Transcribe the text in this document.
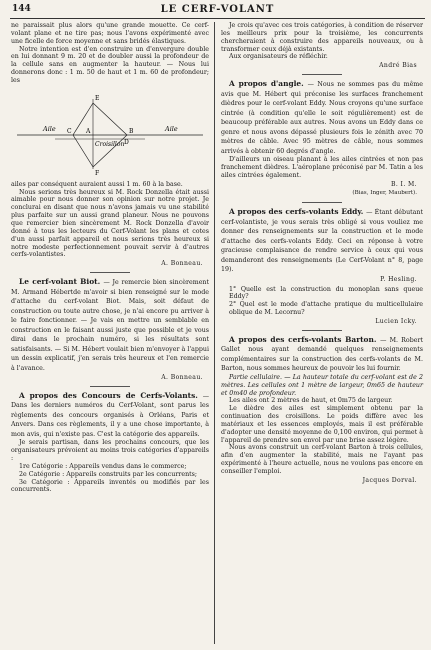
144	LE CERF-VOLANT

ne paraissait plus alors qu'une grande mouette. Ce cerf-volant plane et ne tire pas; nous l'avons expérimenté avec une ficelle de force moyenne et sans bridés élastiques.

Notre intention est d'en construire un d'envergure double en lui donnant 9 m. 20 et de doubler aussi la profondeur de la cellule sans en augmenter la hauteur. — Nous lui donnerons donc : 1 m. 50 de haut et 1 m. 60 de profondeur; les

Aile	Aile
Croisillon
A	B
C
D
E
F

ailes par conséquent auraient aussi 1 m. 60 à la base.

Nous serions très heureux si M. Rock Donzella était aussi aimable pour nous donner son opinion sur notre projet. Je conclurai en disant que nous n'avons jamais vu une stabilité plus parfaite sur un aussi grand planeur. Nous ne pouvons que remercier bien sincèrement M. Rock Donzella d'avoir donné à tous les lecteurs du Cerf-Volant les plans et cotes d'un aussi parfait appareil et nous serions très heureux si notre modeste perfectionnement pouvait servir à d'autres cerfs-volantistes.

A. Bonneau.
Le cerf-volant Biot. — Je remercie bien sincèrement M. Armand Hébertde m'avoir si bien renseigné sur le mode d'attache du cerf-volant Biot. Mais, soit défaut de construction ou toute autre chose, je n'ai encore pu arriver à le faire fonctionner. — Je vais en mettre un semblable en construction en le faisant aussi juste que possible et je vous dirai dans le prochain numéro, si les résultats sont satisfaisants. — Si M. Hébert voulait bien m'envoyer à l'appui un dessin explicatif, j'en serais très heureux et l'en remercie à l'avance.
A. Bonneau.
A propos des Concours de Cerfs-Volants. — Dans les derniers numéros du Cerf-Volant, sont parus les règlements des concours organisés à Orléans, Paris et Anvers. Dans ces règlements, il y a une chose importante, à mon avis, qui n'existe pas. C'est la catégorie des appareils.

Je serais partisan, dans les prochains concours, que les organisateurs prévoient au moins trois catégories d'appareils :

1re Catégorie : Appareils vendus dans le commerce;

2e Catégorie : Appareils construits par les concurrents;

3e Catégorie : Appareils inventés ou modifiés par les concurrents.

Je crois qu'avec ces trois catégories, à condition de réserver les meilleurs prix pour la troisième, les concurrents chercheraient à construire des appareils nouveaux, ou à transformer ceux déjà existants.

Aux organisateurs de réfléchir.

André Bias
A propos d'angle. — Nous ne sommes pas du même avis que M. Hébert qui préconise les surfaces franchement dièdres pour le cerf-volant Eddy. Nous croyons qu'une surface cintrée (à condition qu'elle le soit régulièrement) est de beaucoup préférable aux autres. Nous avons un Eddy dans ce genre et nous avons dépassé plusieurs fois le zénith avec 70 mètres de câble. Avec 95 mètres de câble, nous sommes arrivés à obtenir 60 degrés d'angle.

D'ailleurs un oiseau planant à les ailes cintrées et non pas franchement dièdres. L'aéroplane préconisé par M. Tatin a les ailes cintrées également.

B. I. M.
(Bias, Inger, Maubert).
A propos des cerfs-volants Eddy. — Étant débutant cerf-volantiste, je vous serais très obligé si vous vouliez me donner des renseignements sur la construction et le mode d'attache des cerfs-volants Eddy. Ceci en réponse à votre gracieuse complaisance de rendre service à ceux qui vous demanderont des renseignements (Le Cerf-Volant n° 8, page 19).
P. Hesling.

1° Quelle est la construction du monoplan sans queue Eddy?

2° Quel est le mode d'attache pratique du multicellulaire oblique de M. Lecornu?

Lucien Icky.
A propos des cerfs-volants Barton. — M. Robert Gallet nous ayant demandé quelques renseignements complémentaires sur la construction des cerfs-volants de M. Barton, nous sommes heureux de pouvoir les lui fournir.

Partie cellulaire. — La hauteur totale du cerf-volant est de 2 mètres. Les cellules ont 1 mètre de largeur, 0m65 de hauteur et 0m40 de profondeur.

Les ailes ont 2 mètres de haut, et 0m75 de largeur.

Le dièdre des ailes est simplement obtenu par la continuation des croisillons. Le poids diffère avec les matériaux et les essences employés, mais il est préférable d'adopter une densité moyenne de 0,100 environ, qui permet à l'appareil de prendre son envol par une brise assez légère.

Nous avons construit un cerf-volant Barton à trois cellules, afin d'en augmenter la stabilité, mais ne l'ayant pas expérimenté à l'heure actuelle, nous ne voulons pas encore en conseiller l'emploi.

Jacques Dorval.
